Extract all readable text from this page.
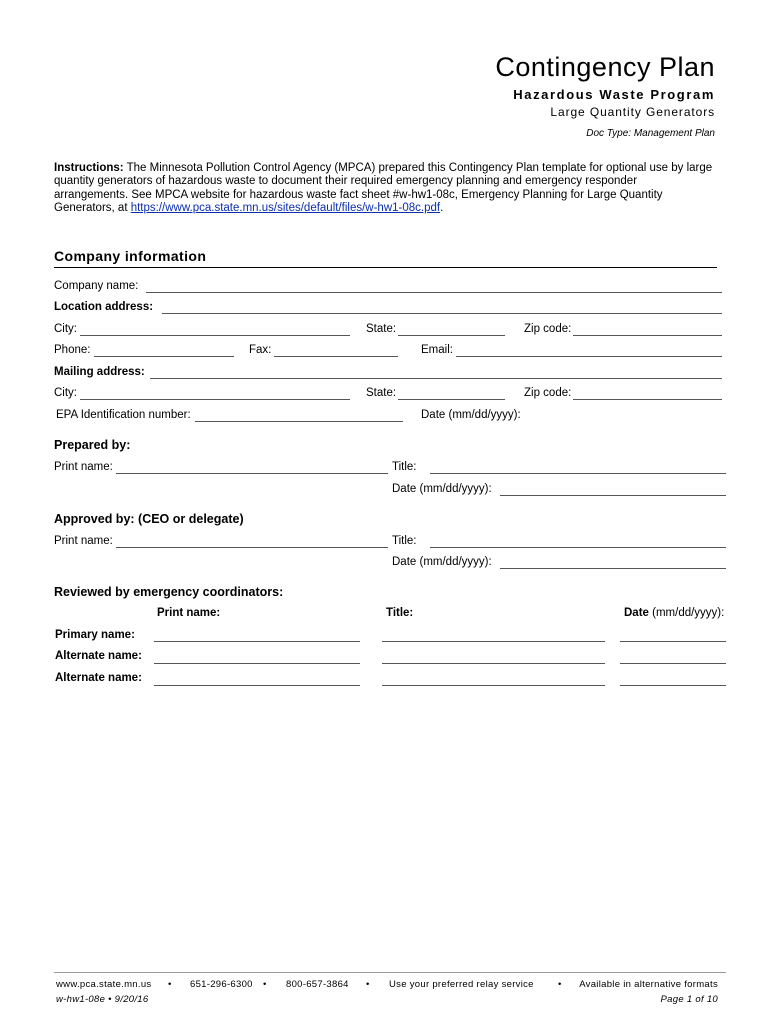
Contingency Plan
Hazardous Waste Program
Large Quantity Generators
Doc Type: Management Plan
Instructions: The Minnesota Pollution Control Agency (MPCA) prepared this Contingency Plan template for optional use by large quantity generators of hazardous waste to document their required emergency planning and emergency responder arrangements. See MPCA website for hazardous waste fact sheet #w-hw1-08c, Emergency Planning for Large Quantity Generators, at https://www.pca.state.mn.us/sites/default/files/w-hw1-08c.pdf.
Company information
Company name:
Location address:
City:	State:	Zip code:
Phone:	Fax:	Email:
Mailing address:
City:	State:	Zip code:
EPA Identification number:	Date (mm/dd/yyyy):
Prepared by:
Print name:	Title:
Date (mm/dd/yyyy):
Approved by: (CEO or delegate)
Print name:	Title:
Date (mm/dd/yyyy):
Reviewed by emergency coordinators:
Print name:	Title:	Date (mm/dd/yyyy):
Primary name:
Alternate name:
Alternate name:
www.pca.state.mn.us • 651-296-6300 • 800-657-3864 • Use your preferred relay service	• Available in alternative formats
w-hw1-08e • 9/20/16	Page 1 of 10
